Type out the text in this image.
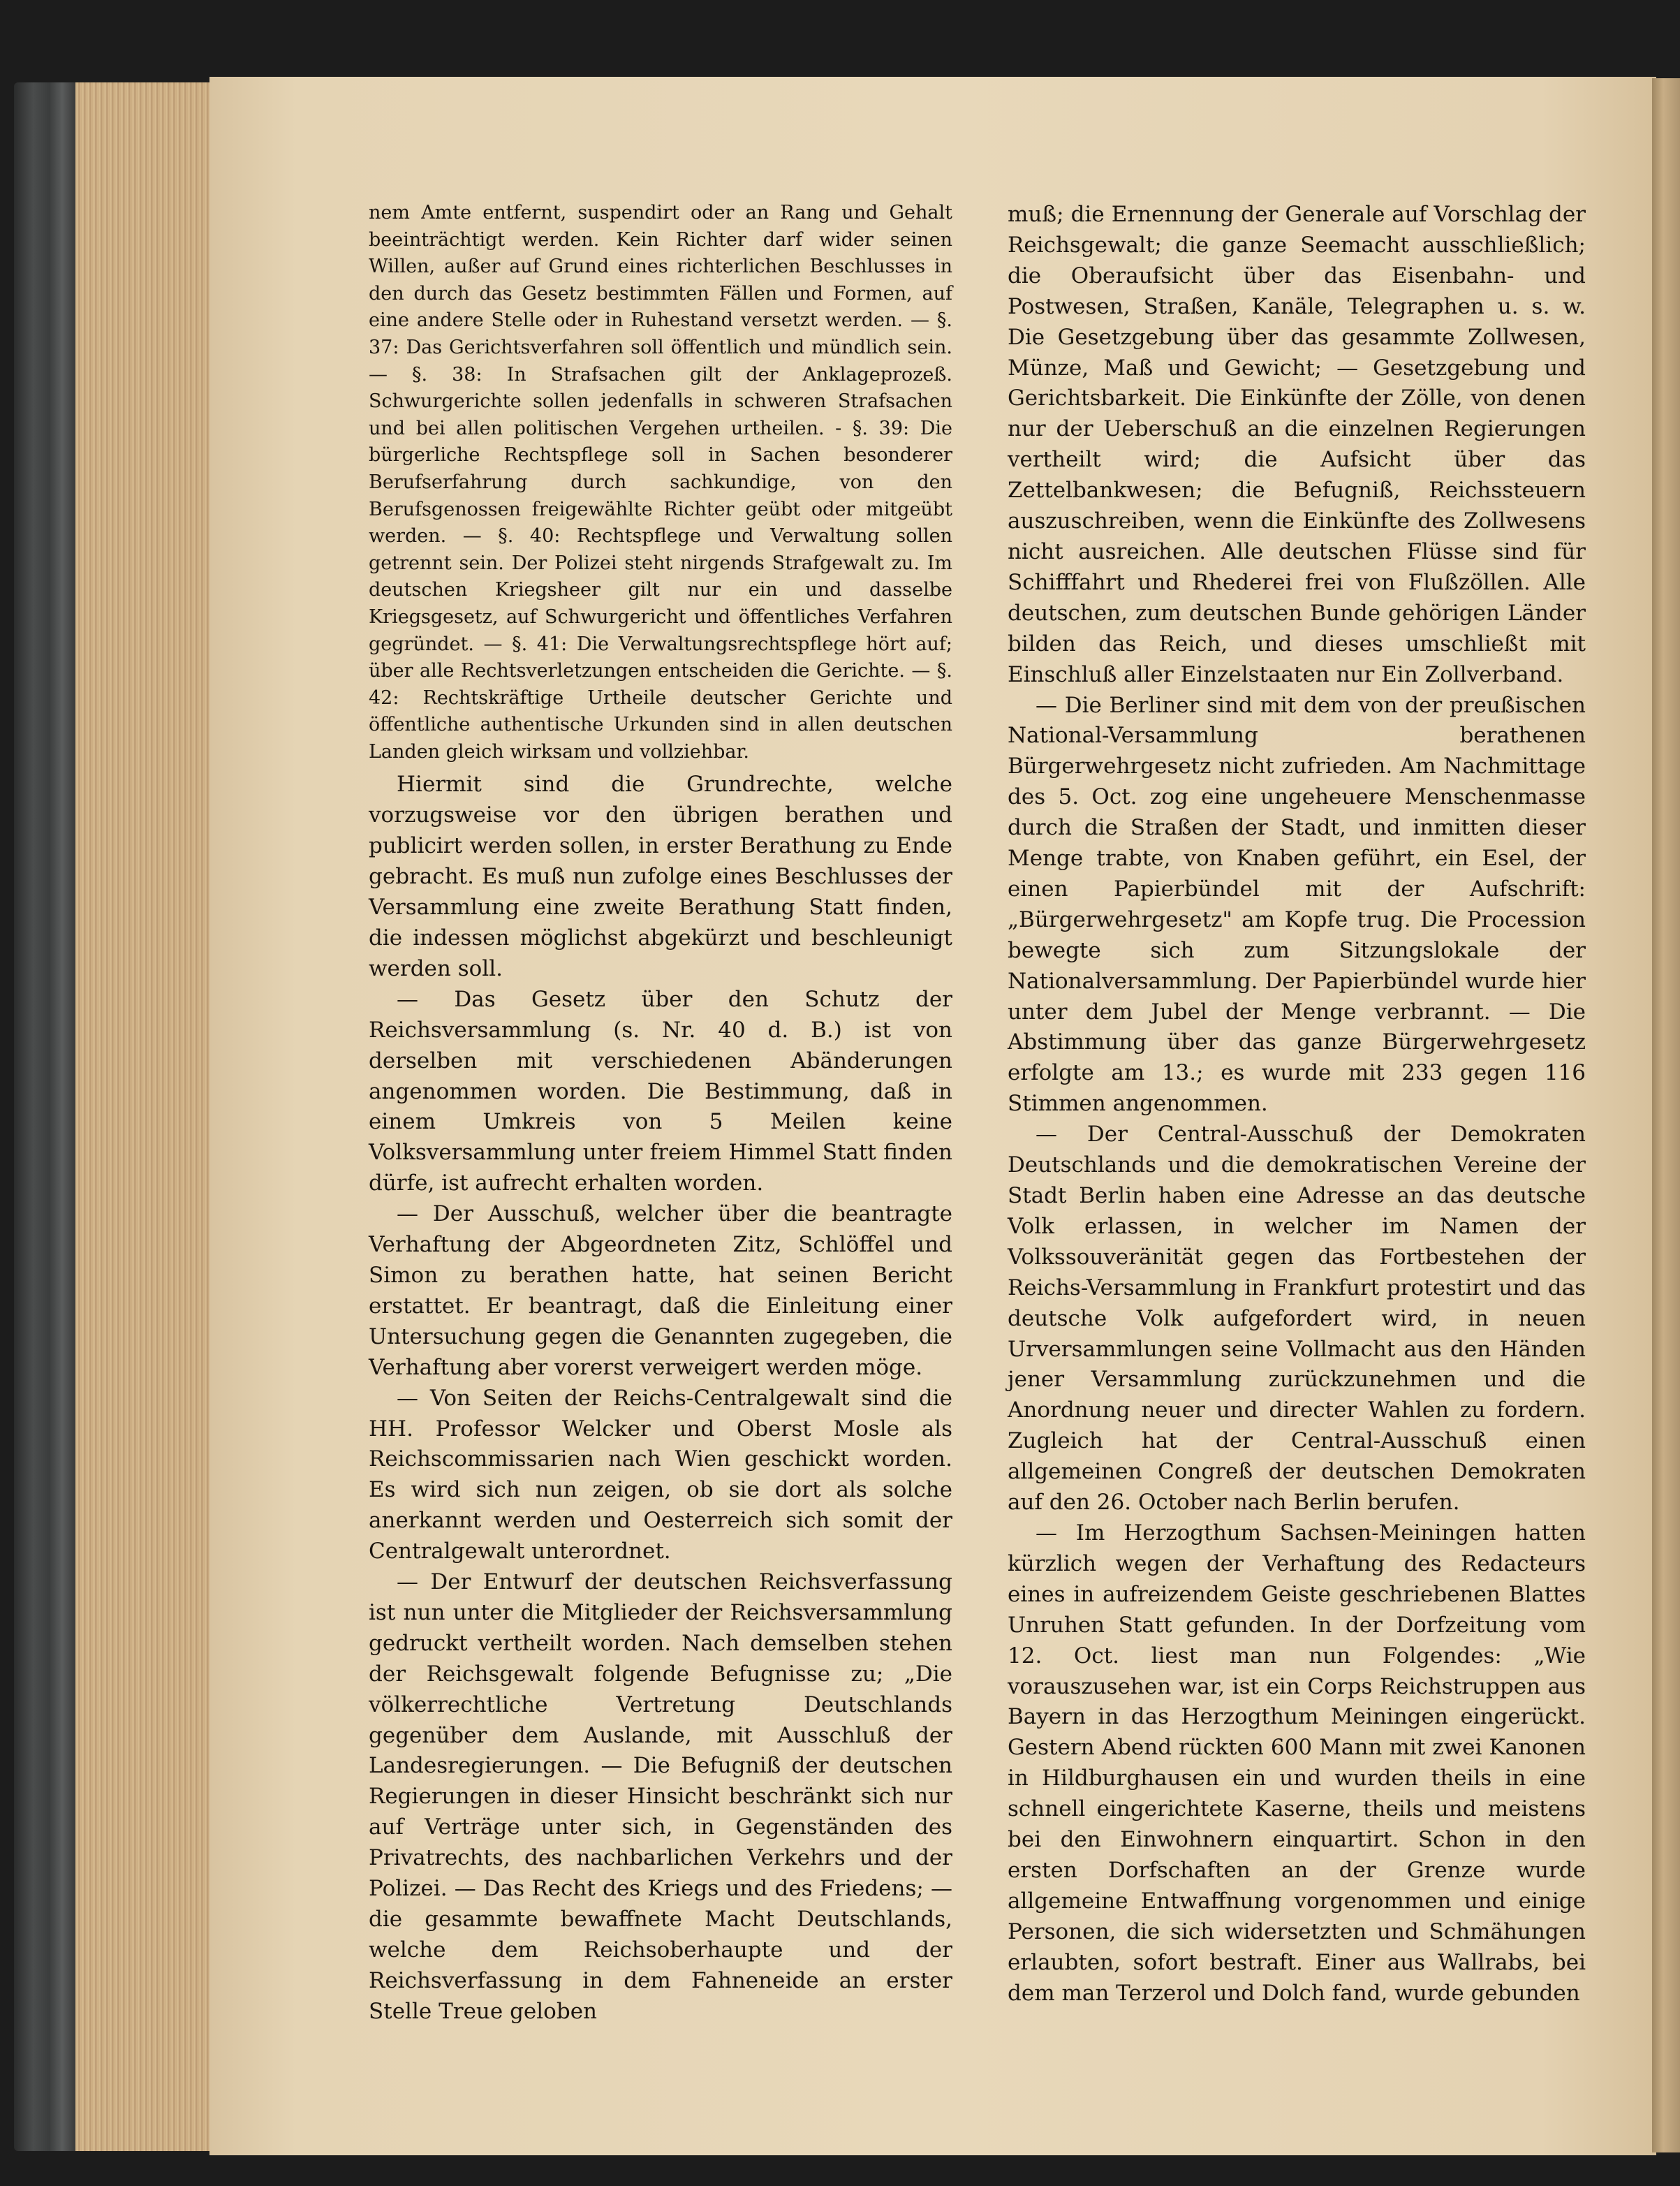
nem Amte entfernt, suspendirt oder an Rang und Gehalt beeinträchtigt werden. Kein Richter darf wider seinen Willen, außer auf Grund eines richterlichen Beschlusses in den durch das Gesetz bestimmten Fällen und Formen, auf eine andere Stelle oder in Ruhestand versetzt werden. — §. 37: Das Gerichtsverfahren soll öffentlich und mündlich sein. — §. 38: In Strafsachen gilt der Anklageprozeß. Schwurgerichte sollen jedenfalls in schweren Strafsachen und bei allen politischen Vergehen urtheilen. - §. 39: Die bürgerliche Rechtspflege soll in Sachen besonderer Berufserfahrung durch sachkundige, von den Berufsgenossen freigewählte Richter geübt oder mitgeübt werden. — §. 40: Rechtspflege und Verwaltung sollen getrennt sein. Der Polizei steht nirgends Strafgewalt zu. Im deutschen Kriegsheer gilt nur ein und dasselbe Kriegsgesetz, auf Schwurgericht und öffentliches Verfahren gegründet. — §. 41: Die Verwaltungsrechtspflege hört auf; über alle Rechtsverletzungen entscheiden die Gerichte. — §. 42: Rechtskräftige Urtheile deutscher Gerichte und öffentliche authentische Urkunden sind in allen deutschen Landen gleich wirksam und vollziehbar.

Hiermit sind die Grundrechte, welche vorzugsweise vor den übrigen berathen und publicirt werden sollen, in erster Berathung zu Ende gebracht. Es muß nun zufolge eines Beschlusses der Versammlung eine zweite Berathung Statt finden, die indessen möglichst abgekürzt und beschleunigt werden soll.

— Das Gesetz über den Schutz der Reichsversammlung (s. Nr. 40 d. B.) ist von derselben mit verschiedenen Abänderungen angenommen worden. Die Bestimmung, daß in einem Umkreis von 5 Meilen keine Volksversammlung unter freiem Himmel Statt finden dürfe, ist aufrecht erhalten worden.

— Der Ausschuß, welcher über die beantragte Verhaftung der Abgeordneten Zitz, Schlöffel und Simon zu berathen hatte, hat seinen Bericht erstattet. Er beantragt, daß die Einleitung einer Untersuchung gegen die Genannten zugegeben, die Verhaftung aber vorerst verweigert werden möge.

— Von Seiten der Reichs-Centralgewalt sind die HH. Professor Welcker und Oberst Mosle als Reichscommissarien nach Wien geschickt worden. Es wird sich nun zeigen, ob sie dort als solche anerkannt werden und Oesterreich sich somit der Centralgewalt unterordnet.

— Der Entwurf der deutschen Reichsverfassung ist nun unter die Mitglieder der Reichsversammlung gedruckt vertheilt worden. Nach demselben stehen der Reichsgewalt folgende Befugnisse zu; „Die völkerrechtliche Vertretung Deutschlands gegenüber dem Auslande, mit Ausschluß der Landesregierungen. — Die Befugniß der deutschen Regierungen in dieser Hinsicht beschränkt sich nur auf Verträge unter sich, in Gegenständen des Privatrechts, des nachbarlichen Verkehrs und der Polizei. — Das Recht des Kriegs und des Friedens; — die gesammte bewaffnete Macht Deutschlands, welche dem Reichsoberhaupte und der Reichsverfassung in dem Fahneneide an erster Stelle Treue geloben

muß; die Ernennung der Generale auf Vorschlag der Reichsgewalt; die ganze Seemacht ausschließlich; die Oberaufsicht über das Eisenbahn- und Postwesen, Straßen, Kanäle, Telegraphen u. s. w. Die Gesetzgebung über das gesammte Zollwesen, Münze, Maß und Gewicht; — Gesetzgebung und Gerichtsbarkeit. Die Einkünfte der Zölle, von denen nur der Ueberschuß an die einzelnen Regierungen vertheilt wird; die Aufsicht über das Zettelbankwesen; die Befugniß, Reichssteuern auszuschreiben, wenn die Einkünfte des Zollwesens nicht ausreichen. Alle deutschen Flüsse sind für Schifffahrt und Rhederei frei von Flußzöllen. Alle deutschen, zum deutschen Bunde gehörigen Länder bilden das Reich, und dieses umschließt mit Einschluß aller Einzelstaaten nur Ein Zollverband.

— Die Berliner sind mit dem von der preußischen National-Versammlung berathenen Bürgerwehrgesetz nicht zufrieden. Am Nachmittage des 5. Oct. zog eine ungeheuere Menschenmasse durch die Straßen der Stadt, und inmitten dieser Menge trabte, von Knaben geführt, ein Esel, der einen Papierbündel mit der Aufschrift: „Bürgerwehrgesetz" am Kopfe trug. Die Procession bewegte sich zum Sitzungslokale der Nationalversammlung. Der Papierbündel wurde hier unter dem Jubel der Menge verbrannt. — Die Abstimmung über das ganze Bürgerwehrgesetz erfolgte am 13.; es wurde mit 233 gegen 116 Stimmen angenommen.

— Der Central-Ausschuß der Demokraten Deutschlands und die demokratischen Vereine der Stadt Berlin haben eine Adresse an das deutsche Volk erlassen, in welcher im Namen der Volkssouveränität gegen das Fortbestehen der Reichs-Versammlung in Frankfurt protestirt und das deutsche Volk aufgefordert wird, in neuen Urversammlungen seine Vollmacht aus den Händen jener Versammlung zurückzunehmen und die Anordnung neuer und directer Wahlen zu fordern. Zugleich hat der Central-Ausschuß einen allgemeinen Congreß der deutschen Demokraten auf den 26. October nach Berlin berufen.

— Im Herzogthum Sachsen-Meiningen hatten kürzlich wegen der Verhaftung des Redacteurs eines in aufreizendem Geiste geschriebenen Blattes Unruhen Statt gefunden. In der Dorfzeitung vom 12. Oct. liest man nun Folgendes: „Wie vorauszusehen war, ist ein Corps Reichstruppen aus Bayern in das Herzogthum Meiningen eingerückt. Gestern Abend rückten 600 Mann mit zwei Kanonen in Hildburghausen ein und wurden theils in eine schnell eingerichtete Kaserne, theils und meistens bei den Einwohnern einquartirt. Schon in den ersten Dorfschaften an der Grenze wurde allgemeine Entwaffnung vorgenommen und einige Personen, die sich widersetzten und Schmähungen erlaubten, sofort bestraft. Einer aus Wallrabs, bei dem man Terzerol und Dolch fand, wurde gebunden
